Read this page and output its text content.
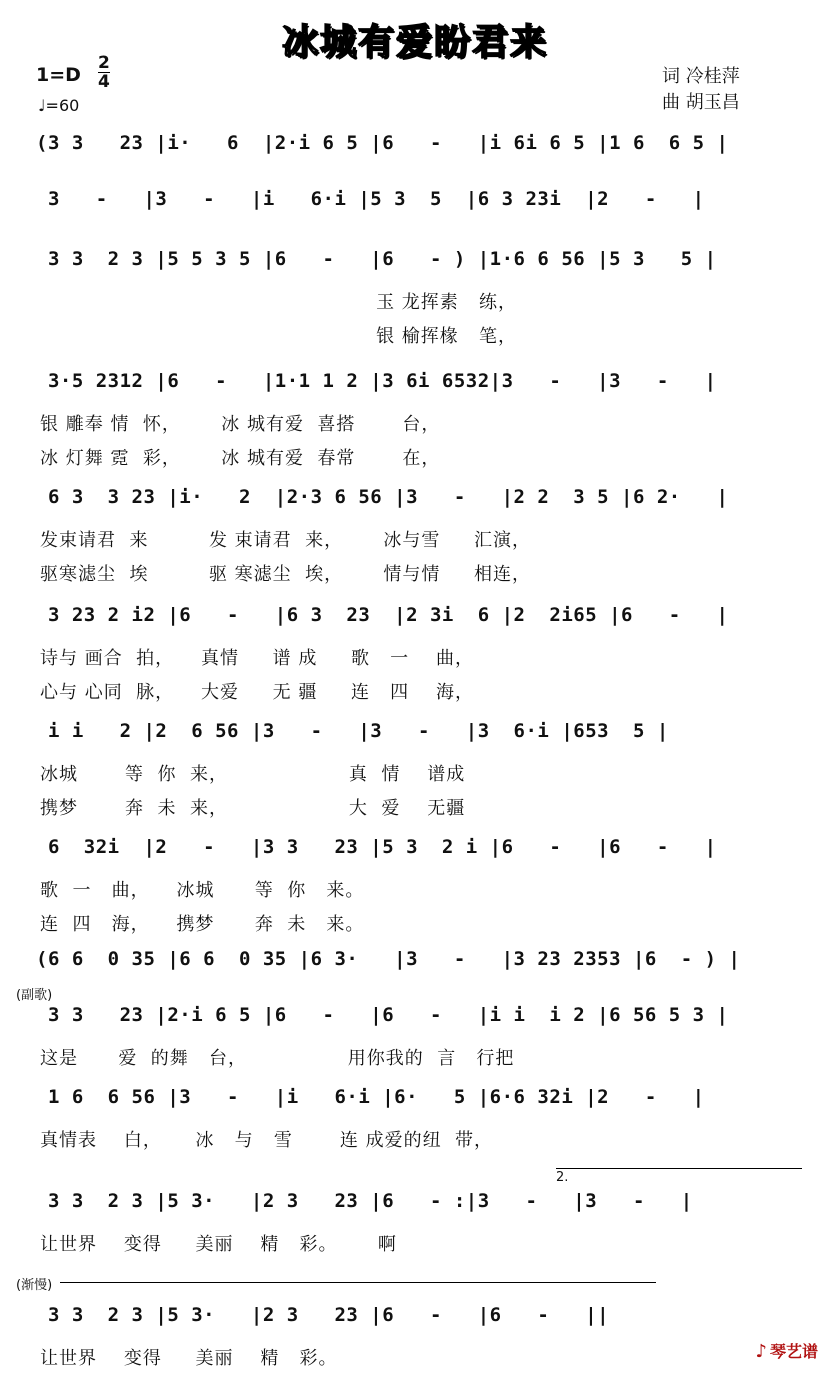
冰城有爱盼君来
$1=D \frac{2}{4}$
♩=60
词 冷桂萍
曲 胡玉昌
(副歌)
(渐慢)
2.
(3 3   23 |i·   6  |2·i 6 5 |6   -   |i 6i 6 5 |1 6  6 5 |
3   -   |3   -   |i   6·i |5 3  5  |6 3 23i  |2   -   |
3 3  2 3 |5 5 3 5 |6   -   |6   - ) |1·6 6 56 |5 3   5 |
玉 龙挥素   练，
银 榆挥椽   笔，
3·5 2312 |6   -   |1·1 1 2 |3 6i 6532|3   -   |3   -   |
银 雕奉 情  怀，      冰 城有爱  喜搭       台，
冰 灯舞 霓  彩，      冰 城有爱  春常       在，
6 3  3 23 |i·   2  |2·3 6 56 |3   -   |2 2  3 5 |6 2·   |
发束请君  来         发 束请君  来，      冰与雪     汇演，
驱寒滤尘  埃         驱 寒滤尘  埃，      情与情     相连，
3 23 2 i2 |6   -   |6 3  23  |2 3i  6 |2  2i65 |6   -   |
诗与 画合  拍，    真情     谱 成     歌   一    曲，
心与 心同  脉，    大爱     无 疆     连   四    海，
i i   2 |2  6 56 |3   -   |3   -   |3  6·i |653  5 |
冰城       等  你  来，                  真  情    谱成
携梦       奔  未  来，                  大  爱    无疆
6  32i  |2   -   |3 3   23 |5 3  2 i |6   -   |6   -   |
歌  一   曲，    冰城      等  你   来。
连  四   海，    携梦      奔  未   来。
(6 6  0 35 |6 6  0 35 |6 3·   |3   -   |3 23 2353 |6  - ) |
3 3   23 |2·i 6 5 |6   -   |6   -   |i i  i 2 |6 56 5 3 |
这是      爱  的舞   台，               用你我的  言   行把
1 6  6 56 |3   -   |i   6·i |6·   5 |6·6 32i |2   -   |
真情表    白，     冰   与   雪       连 成爱的纽  带，
3 3  2 3 |5 3·   |2 3   23 |6   - :|3   -   |3   -   |
让世界    变得     美丽    精   彩。      啊
3 3  2 3 |5 3·   |2 3   23 |6   -   |6   -   ||
让世界    变得     美丽    精   彩。	♪ 琴艺谱
